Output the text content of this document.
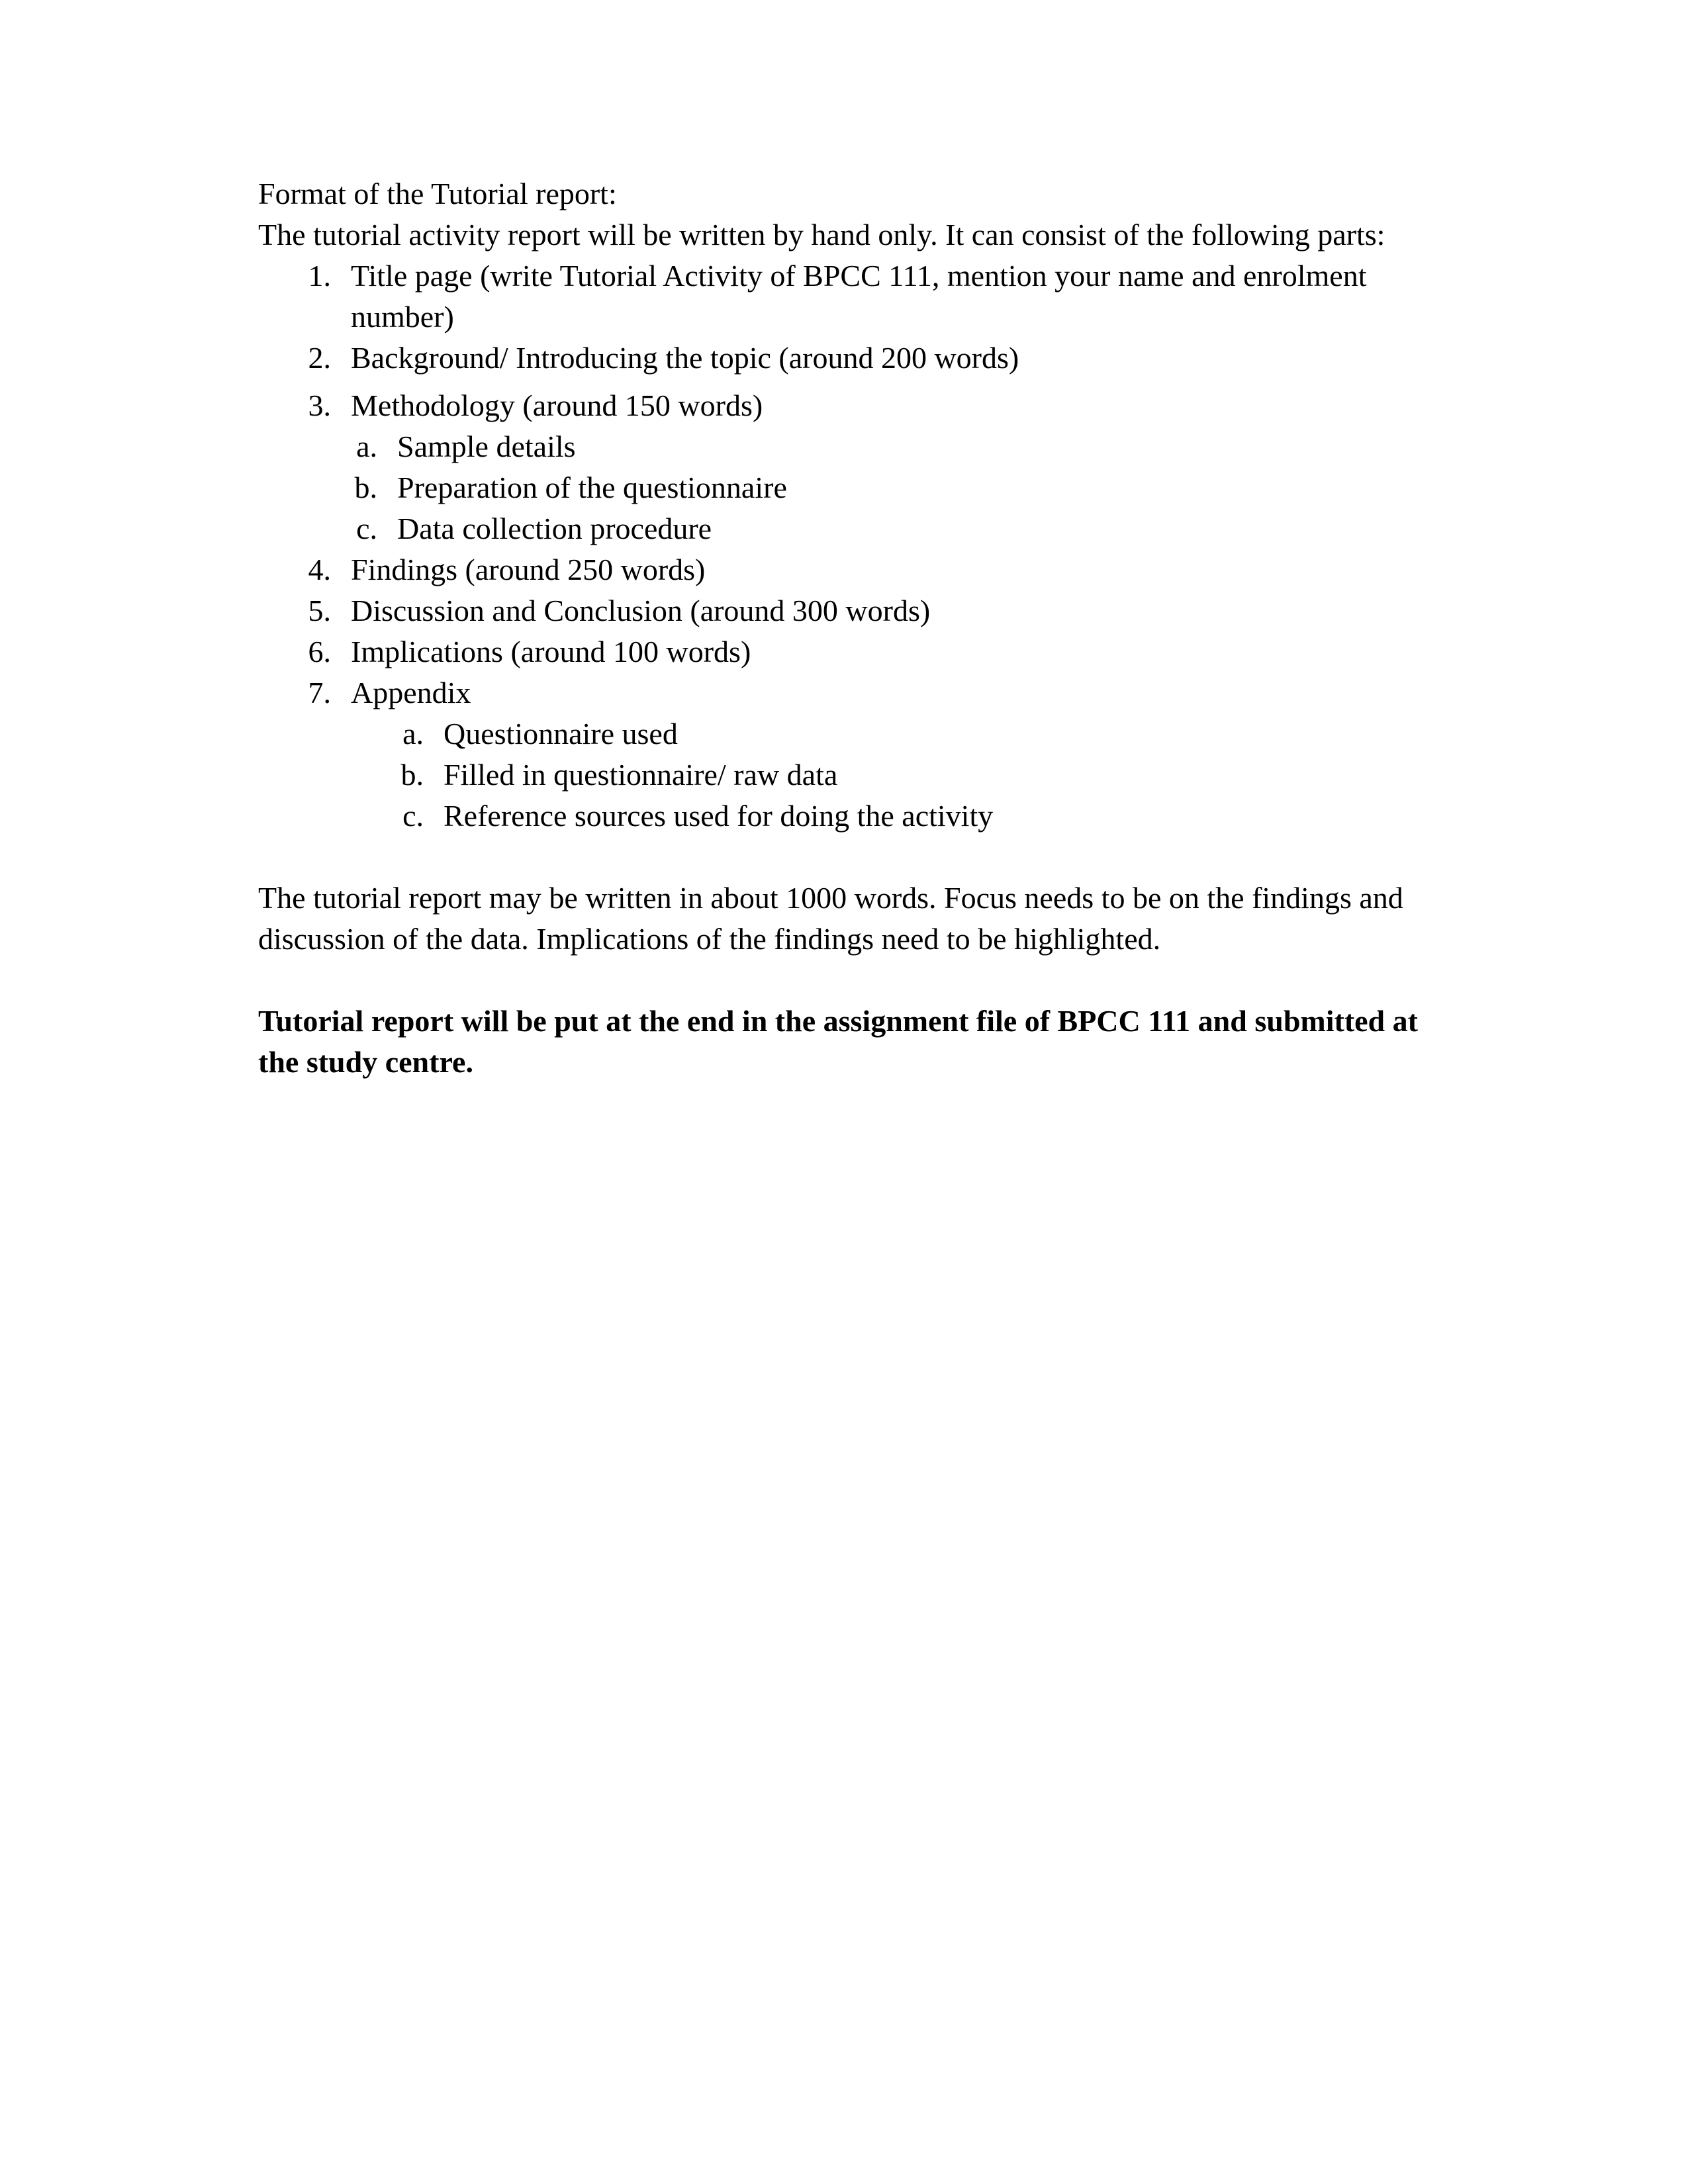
Format of the Tutorial report:

The tutorial activity report will be written by hand only. It can consist of the following parts:

1. Title page (write Tutorial Activity of BPCC 111, mention your name and enrolment number)
2. Background/ Introducing the topic (around 200 words)
3. Methodology (around 150 words)
a. Sample details
b. Preparation of the questionnaire
c. Data collection procedure
4. Findings (around 250 words)
5. Discussion and Conclusion (around 300 words)
6. Implications (around 100 words)
7. Appendix
a. Questionnaire used
b. Filled in questionnaire/ raw data
c. Reference sources used for doing the activity

The tutorial report may be written in about 1000 words. Focus needs to be on the findings and discussion of the data. Implications of the findings need to be highlighted.

Tutorial report will be put at the end in the assignment file of BPCC 111 and submitted at the study centre.
